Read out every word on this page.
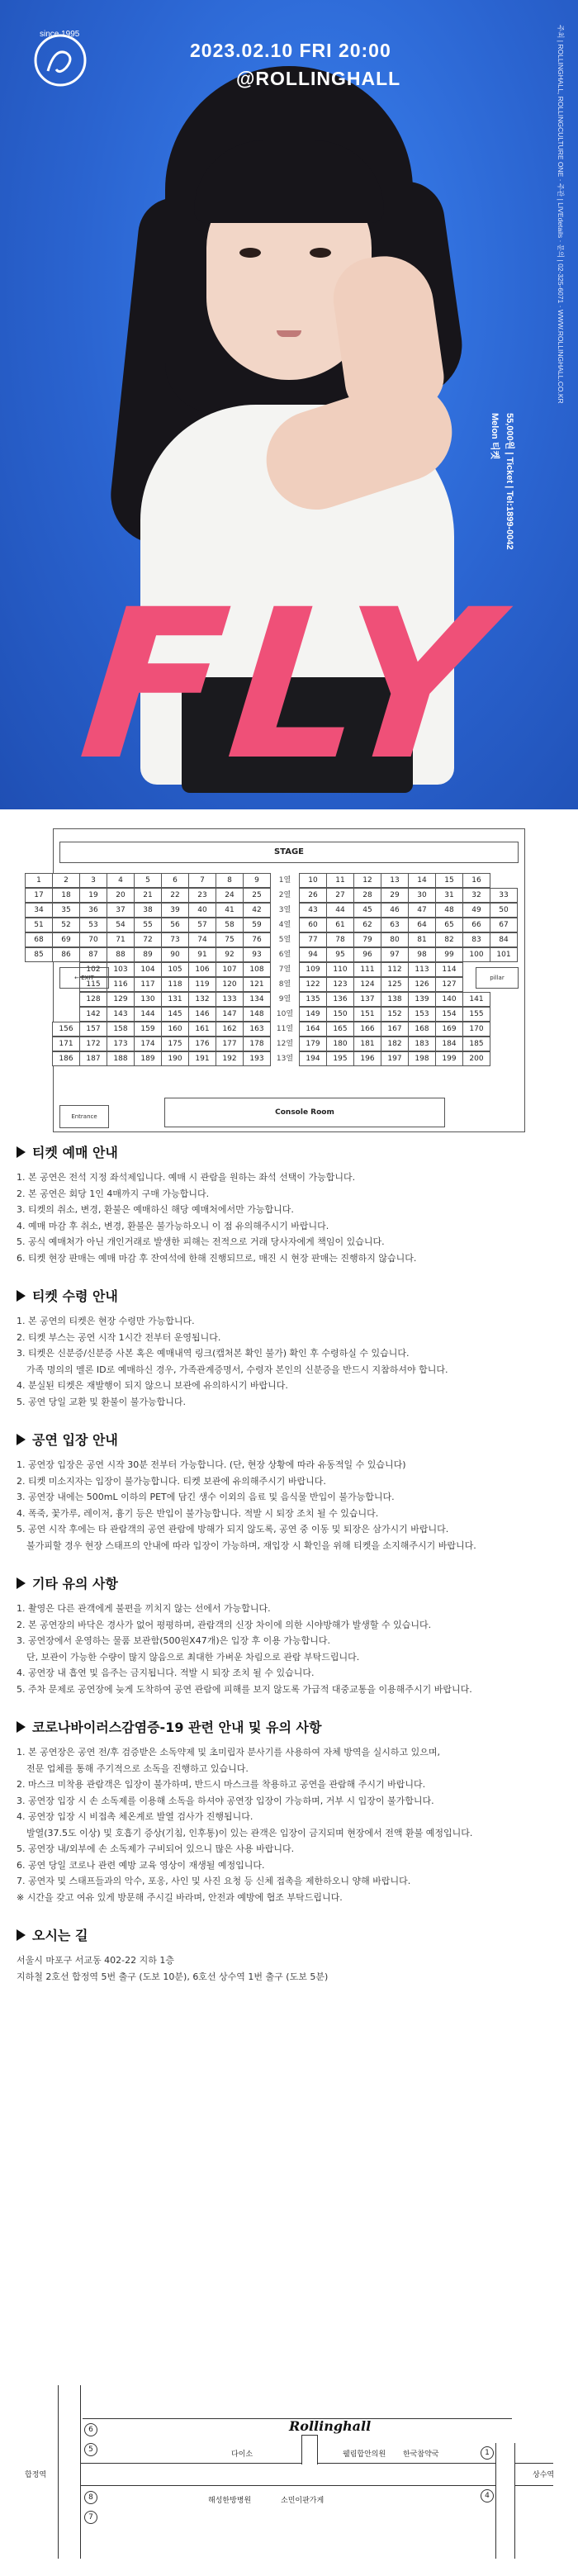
since 1995
2023.02.10 FRI 20:00
@ROLLINGHALL	주최 | ROLLINGHALL, ROLLINGCULTURE ONE · 주관 | LIVEdetails · 문의 | 02-325-6071 · WWW.ROLLINGHALL.CO.KR
Melon 티켓 55,000원 | Ticket | Tel:1899-0042
FLY
STAGE
1	2	3	4	5	6	7	8	9	1열	10	11	12	13	14	15	16
17	18	19	20	21	22	23	24	25	2열	26	27	28	29	30	31	32	33
34	35	36	37	38	39	40	41	42	3열	43	44	45	46	47	48	49	50
51	52	53	54	55	56	57	58	59	4열	60	61	62	63	64	65	66	67
68	69	70	71	72	73	74	75	76	5열	77	78	79	80	81	82	83	84
85	86	87	88	89	90	91	92	93	6열	94	95	96	97	98	99	100	101
102	103	104	105	106	107	108	7열	109	110	111	112	113	114
115	116	117	118	119	120	121	8열	122	123	124	125	126	127
128	129	130	131	132	133	134	9열	135	136	137	138	139	140	141
142	143	144	145	146	147	148	10열	149	150	151	152	153	154	155
156	157	158	159	160	161	162	163	11열	164	165	166	167	168	169	170
171	172	173	174	175	176	177	178	12열	179	180	181	182	183	184	185
186	187	188	189	190	191	192	193	13열	194	195	196	197	198	199	200
← EXIT	pillar
Entrance	Console Room
티켓 예매 안내
1. 본 공연은 전석 지정 좌석제입니다. 예매 시 관람을 원하는 좌석 선택이 가능합니다.
2. 본 공연은 회당 1인 4매까지 구매 가능합니다.
3. 티켓의 취소, 변경, 환불은 예매하신 해당 예매처에서만 가능합니다.
4. 예매 마감 후 취소, 변경, 환불은 불가능하오니 이 점 유의해주시기 바랍니다.
5. 공식 예매처가 아닌 개인거래로 발생한 피해는 전적으로 거래 당사자에게 책임이 있습니다.
6. 티켓 현장 판매는 예매 마감 후 잔여석에 한해 진행되므로, 매진 시 현장 판매는 진행하지 않습니다.
티켓 수령 안내
1. 본 공연의 티켓은 현장 수령만 가능합니다.
2. 티켓 부스는 공연 시작 1시간 전부터 운영됩니다.
3. 티켓은 신분증/신분증 사본 혹은 예매내역 링크(캡처본 확인 불가) 확인 후 수령하실 수 있습니다.
가족 명의의 멜론 ID로 예매하신 경우, 가족관계증명서, 수령자 본인의 신분증을 반드시 지참하셔야 합니다.
4. 분실된 티켓은 재발행이 되지 않으니 보관에 유의하시기 바랍니다.
5. 공연 당일 교환 및 환불이 불가능합니다.
공연 입장 안내
1. 공연장 입장은 공연 시작 30분 전부터 가능합니다. (단, 현장 상황에 따라 유동적일 수 있습니다)
2. 티켓 미소지자는 입장이 불가능합니다. 티켓 보관에 유의해주시기 바랍니다.
3. 공연장 내에는 500mL 이하의 PET에 담긴 생수 이외의 음료 및 음식물 반입이 불가능합니다.
4. 폭죽, 꽃가루, 레이저, 흉기 등은 반입이 불가능합니다. 적발 시 퇴장 조치 될 수 있습니다.
5. 공연 시작 후에는 타 관람객의 공연 관람에 방해가 되지 않도록, 공연 중 이동 및 퇴장은 삼가시기 바랍니다.
불가피할 경우 현장 스태프의 안내에 따라 입장이 가능하며, 재입장 시 확인을 위해 티켓을 소지해주시기 바랍니다.
기타 유의 사항
1. 촬영은 다른 관객에게 불편을 끼치지 않는 선에서 가능합니다.
2. 본 공연장의 바닥은 경사가 없어 평평하며, 관람객의 신장 차이에 의한 시야방해가 발생할 수 있습니다.
3. 공연장에서 운영하는 물품 보관함(500원X47개)은 입장 후 이용 가능합니다.
단, 보관이 가능한 수량이 많지 않음으로 최대한 가벼운 차림으로 관람 부탁드립니다.
4. 공연장 내 흡연 및 음주는 금지됩니다. 적발 시 퇴장 조치 될 수 있습니다.
5. 주차 문제로 공연장에 늦게 도착하여 공연 관람에 피해를 보지 않도록 가급적 대중교통을 이용해주시기 바랍니다.
코로나바이러스감염증-19 관련 안내 및 유의 사항
1. 본 공연장은 공연 전/후 검증받은 소독약제 및 초미립자 분사기를 사용하여 자체 방역을 실시하고 있으며,
전문 업체를 통해 주기적으로 소독을 진행하고 있습니다.
2. 마스크 미착용 관람객은 입장이 불가하며, 반드시 마스크를 착용하고 공연을 관람해 주시기 바랍니다.
3. 공연장 입장 시 손 소독제를 이용해 소독을 하셔야 공연장 입장이 가능하며, 거부 시 입장이 불가합니다.
4. 공연장 입장 시 비접촉 체온계로 발열 검사가 진행됩니다.
발열(37.5도 이상) 및 호흡기 증상(기침, 인후통)이 있는 관객은 입장이 금지되며 현장에서 전액 환불 예정입니다.
5. 공연장 내/외부에 손 소독제가 구비되어 있으니 많은 사용 바랍니다.
6. 공연 당일 코로나 관련 예방 교육 영상이 재생될 예정입니다.
7. 공연자 및 스태프들과의 악수, 포옹, 사인 및 사진 요청 등 신체 접촉을 제한하오니 양해 바랍니다.
※ 시간을 갖고 여유 있게 방문해 주시길 바라며, 안전과 예방에 협조 부탁드립니다.
오시는 길
서울시 마포구 서교동 402-22 지하 1층
지하철 2호선 합정역 5번 출구 (도보 10분), 6호선 상수역 1번 출구 (도보 5분)
Rollinghall
합정역	상수역
다이소	웰림합안의원 한국참약국
해성한방병원	소민이판가게
6
5
8
7
1
4
